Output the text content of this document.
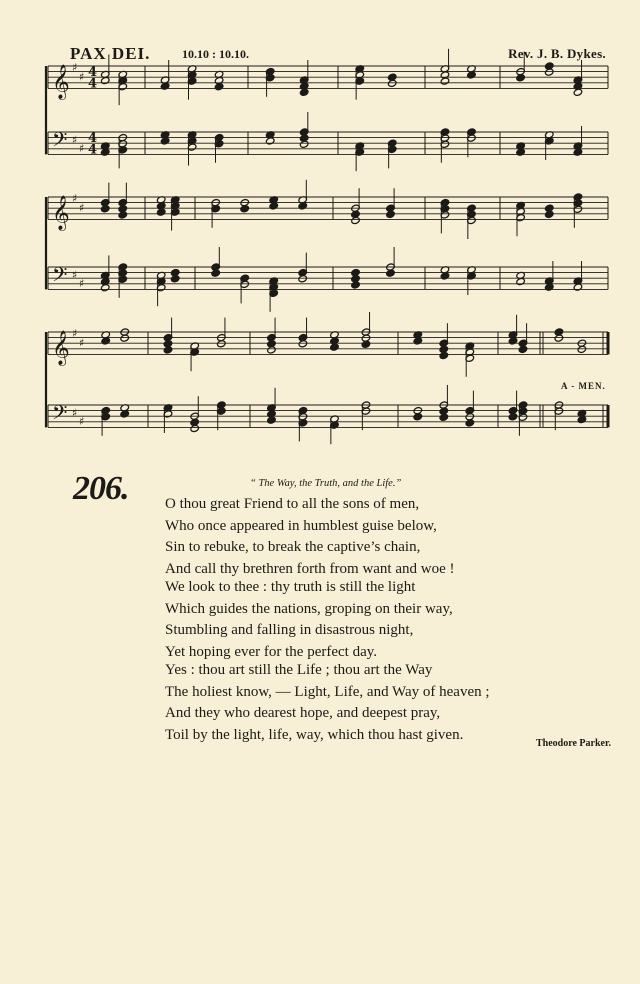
PAX DEI.	10.10 : 10.10.	Rev. J. B. Dykes.
𝄞 ♯
♯ 4
4
𝄢 ♯
♯
4
4
𝄞 ♯
♯
𝄢 ♯
♯
𝄞 ♯
♯
𝄢 ♯
♯
A - MEN.
206.	“ The Way, the Truth, and the Life.”
O thou great Friend to all the sons of men,
Who once appeared in humblest guise below,
Sin to rebuke, to break the captive’s chain,
And call thy brethren forth from want and woe !
We look to thee : thy truth is still the light
Which guides the nations, groping on their way,
Stumbling and falling in disastrous night,
Yet hoping ever for the perfect day.
Yes : thou art still the Life ; thou art the Way
The holiest know, — Light, Life, and Way of heaven ;
And they who dearest hope, and deepest pray,
Toil by the light, life, way, which thou hast given.
Theodore Parker.
